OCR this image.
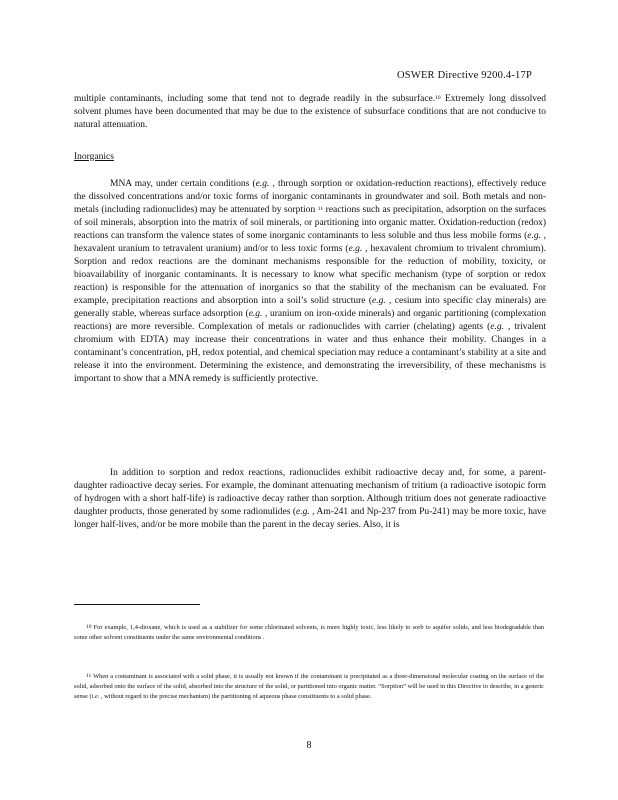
OSWER Directive 9200.4-17P

multiple contaminants, including some that tend not to degrade readily in the subsurface.$^{10}$ Extremely long dissolved solvent plumes have been documented that may be due to the existence of subsurface conditions that are not conducive to natural attenuation.

Inorganics

MNA may, under certain conditions (e.g. , through sorption or oxidation-reduction reactions), effectively reduce the dissolved concentrations and/or toxic forms of inorganic contaminants in groundwater and soil. Both metals and non-metals (including radionuclides) may be attenuated by sorption $^{11}$ reactions such as precipitation, adsorption on the surfaces of soil minerals, absorption into the matrix of soil minerals, or partitioning into organic matter. Oxidation-reduction (redox) reactions can transform the valence states of some inorganic contaminants to less soluble and thus less mobile forms (e.g. , hexavalent uranium to tetravalent uranium) and/or to less toxic forms (e.g. , hexavalent chromium to trivalent chromium). Sorption and redox reactions are the dominant mechanisms responsible for the reduction of mobility, toxicity, or bioavailability of inorganic contaminants. It is necessary to know what specific mechanism (type of sorption or redox reaction) is responsible for the attenuation of inorganics so that the stability of the mechanism can be evaluated. For example, precipitation reactions and absorption into a soil’s solid structure (e.g. , cesium into specific clay minerals) are generally stable, whereas surface adsorption (e.g. , uranium on iron-oxide minerals) and organic partitioning (complexation reactions) are more reversible. Complexation of metals or radionuclides with carrier (chelating) agents (e.g. , trivalent chromium with EDTA) may increase their concentrations in water and thus enhance their mobility. Changes in a contaminant’s concentration, pH, redox potential, and chemical speciation may reduce a contaminant’s stability at a site and release it into the environment. Determining the existence, and demonstrating the irreversibility, of these mechanisms is important to show that a MNA remedy is sufficiently protective.

In addition to sorption and redox reactions, radionuclides exhibit radioactive decay and, for some, a parent-daughter radioactive decay series. For example, the dominant attenuating mechanism of tritium (a radioactive isotopic form of hydrogen with a short half-life) is radioactive decay rather than sorption. Although tritium does not generate radioactive daughter products, those generated by some radionulides (e.g. , Am-241 and Np-237 from Pu-241) may be more toxic, have longer half-lives, and/or be more mobile than the parent in the decay series. Also, it is

$^{10}$ For example, 1,4-dioxane, which is used as a stabilizer for some chlorinated solvents, is more highly toxic, less likely to sorb to aquifer solids, and less biodegradable than some other solvent constituents under the same environmental conditions .

$^{11}$ When a contaminant is associated with a solid phase, it is usually not known if the contaminant is precipitated as a three-dimensional molecular coating on the surface of the solid, adsorbed onto the surface of the solid, absorbed into the structure of the solid, or partitioned into organic matter. “Sorption” will be used in this Directive to describe, in a generic sense (i.e. , without regard to the precise mechanism) the partitioning of aqueous phase constituents to a solid phase.

8
